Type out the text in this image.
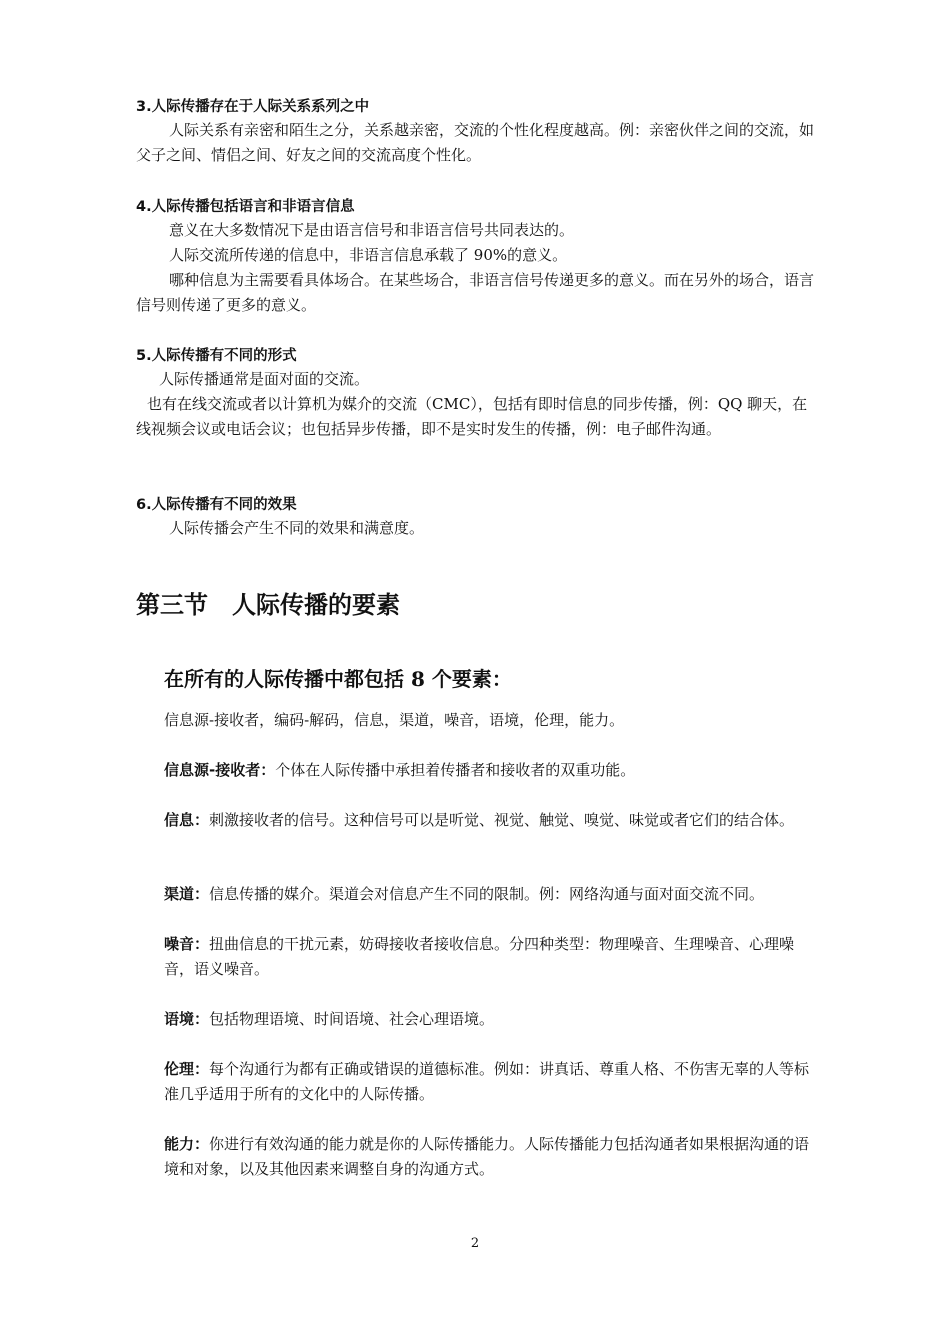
3.人际传播存在于人际关系系列之中

人际关系有亲密和陌生之分，关系越亲密，交流的个性化程度越高。例：亲密伙伴之间的交流，如父子之间、情侣之间、好友之间的交流高度个性化。

4.人际传播包括语言和非语言信息

意义在大多数情况下是由语言信号和非语言信号共同表达的。

人际交流所传递的信息中，非语言信息承载了 90%的意义。

哪种信息为主需要看具体场合。在某些场合，非语言信号传递更多的意义。而在另外的场合，语言信号则传递了更多的意义。

5.人际传播有不同的形式

人际传播通常是面对面的交流。

也有在线交流或者以计算机为媒介的交流（CMC），包括有即时信息的同步传播，例：QQ 聊天，在线视频会议或电话会议；也包括异步传播，即不是实时发生的传播，例：电子邮件沟通。

6.人际传播有不同的效果

人际传播会产生不同的效果和满意度。

第三节　人际传播的要素
在所有的人际传播中都包括 8 个要素：

信息源-接收者，编码-解码，信息，渠道，噪音，语境，伦理，能力。

信息源-接收者：个体在人际传播中承担着传播者和接收者的双重功能。

信息：刺激接收者的信号。这种信号可以是听觉、视觉、触觉、嗅觉、味觉或者它们的结合体。

渠道：信息传播的媒介。渠道会对信息产生不同的限制。例：网络沟通与面对面交流不同。

噪音：扭曲信息的干扰元素，妨碍接收者接收信息。分四种类型：物理噪音、生理噪音、心理噪音，语义噪音。

语境：包括物理语境、时间语境、社会心理语境。

伦理：每个沟通行为都有正确或错误的道德标准。例如：讲真话、尊重人格、不伤害无辜的人等标准几乎适用于所有的文化中的人际传播。

能力：你进行有效沟通的能力就是你的人际传播能力。人际传播能力包括沟通者如果根据沟通的语境和对象，以及其他因素来调整自身的沟通方式。

2
